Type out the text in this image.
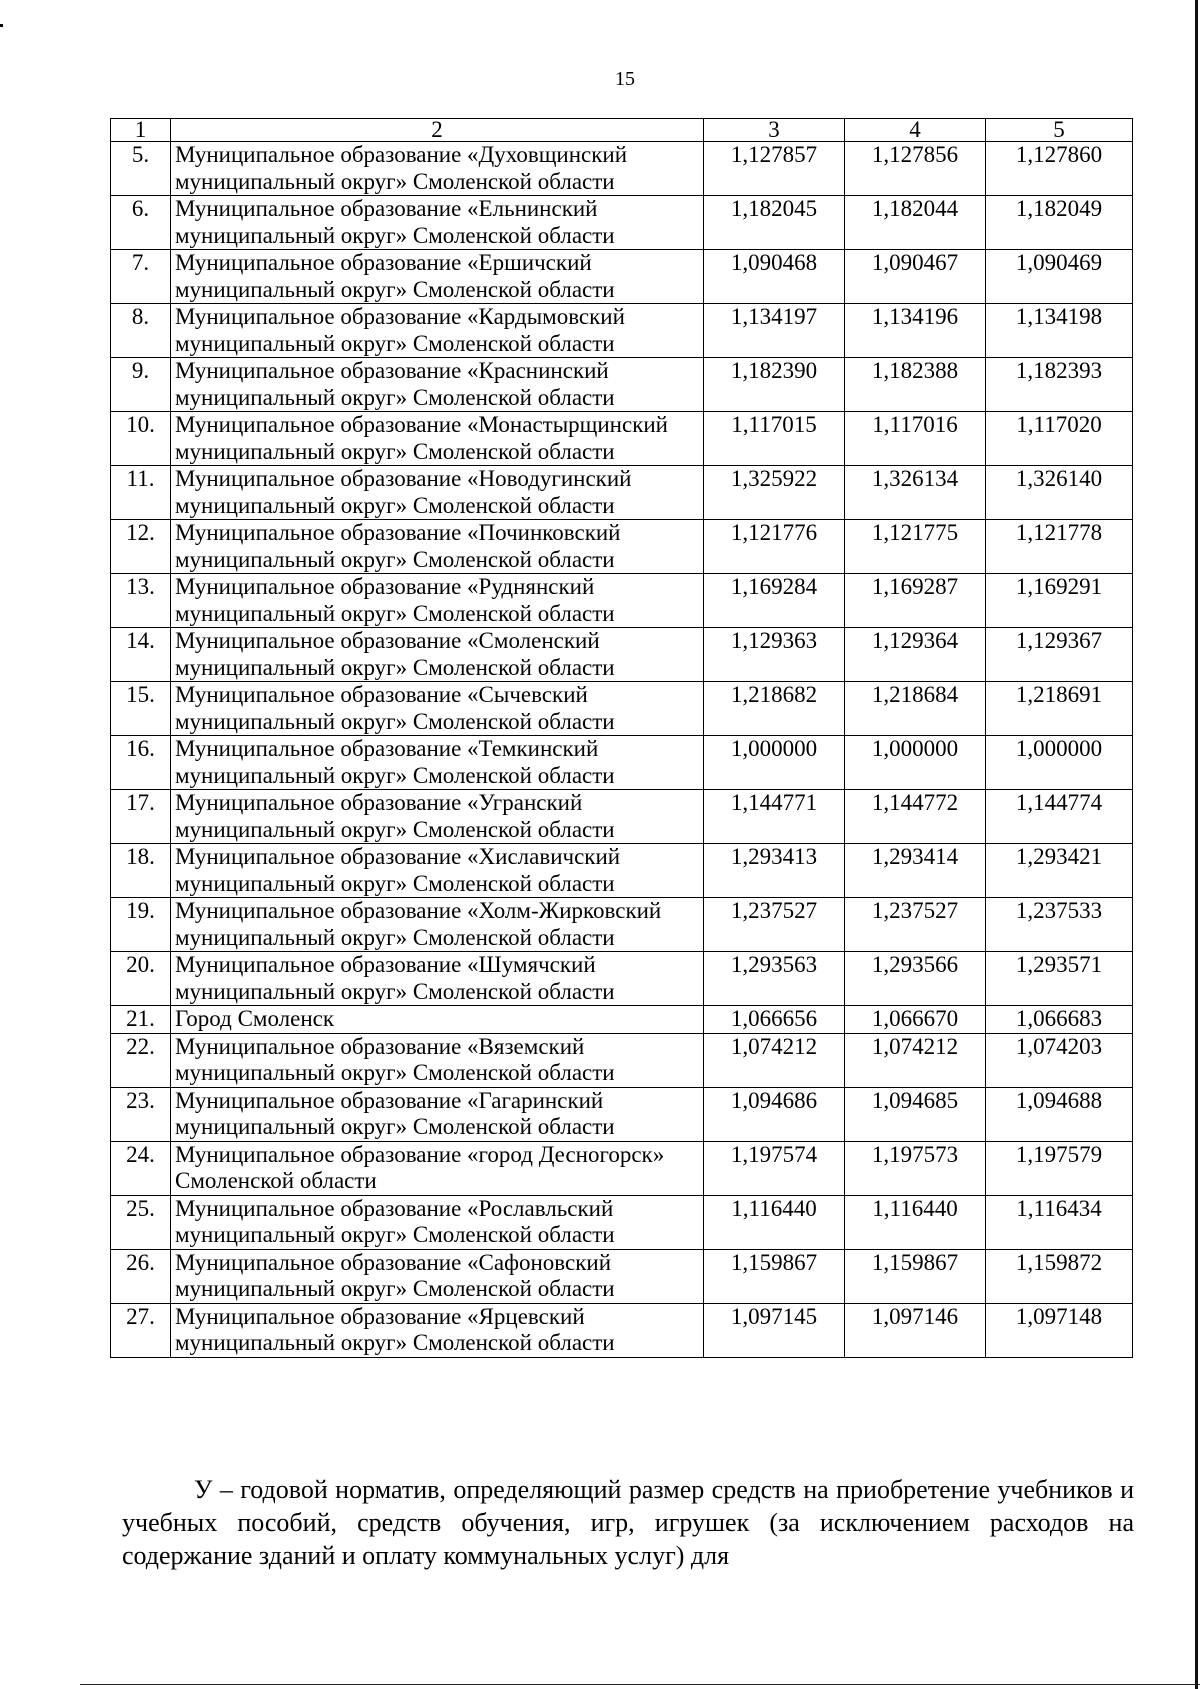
15
1	2	3	4	5
5.	Муниципальное образование «Духовщинский муниципальный округ» Смоленской области	1,127857	1,127856	1,127860
6.	Муниципальное образование «Ельнинский муниципальный округ» Смоленской области	1,182045	1,182044	1,182049
7.	Муниципальное образование «Ершичский муниципальный округ» Смоленской области	1,090468	1,090467	1,090469
8.	Муниципальное образование «Кардымовский муниципальный округ» Смоленской области	1,134197	1,134196	1,134198
9.	Муниципальное образование «Краснинский муниципальный округ» Смоленской области	1,182390	1,182388	1,182393
10.	Муниципальное образование «Монастырщинский муниципальный округ» Смоленской области	1,117015	1,117016	1,117020
11.	Муниципальное образование «Новодугинский муниципальный округ» Смоленской области	1,325922	1,326134	1,326140
12.	Муниципальное образование «Починковский муниципальный округ» Смоленской области	1,121776	1,121775	1,121778
13.	Муниципальное образование «Руднянский муниципальный округ» Смоленской области	1,169284	1,169287	1,169291
14.	Муниципальное образование «Смоленский муниципальный округ» Смоленской области	1,129363	1,129364	1,129367
15.	Муниципальное образование «Сычевский муниципальный округ» Смоленской области	1,218682	1,218684	1,218691
16.	Муниципальное образование «Темкинский муниципальный округ» Смоленской области	1,000000	1,000000	1,000000
17.	Муниципальное образование «Угранский муниципальный округ» Смоленской области	1,144771	1,144772	1,144774
18.	Муниципальное образование «Хиславичский муниципальный округ» Смоленской области	1,293413	1,293414	1,293421
19.	Муниципальное образование «Холм-Жирковский муниципальный округ» Смоленской области	1,237527	1,237527	1,237533
20.	Муниципальное образование «Шумячский муниципальный округ» Смоленской области	1,293563	1,293566	1,293571
21.	Город Смоленск	1,066656	1,066670	1,066683
22.	Муниципальное образование «Вяземский муниципальный округ» Смоленской области	1,074212	1,074212	1,074203
23.	Муниципальное образование «Гагаринский муниципальный округ» Смоленской области	1,094686	1,094685	1,094688
24.	Муниципальное образование «город Десногорск» Смоленской области	1,197574	1,197573	1,197579
25.	Муниципальное образование «Рославльский муниципальный округ» Смоленской области	1,116440	1,116440	1,116434
26.	Муниципальное образование «Сафоновский муниципальный округ» Смоленской области	1,159867	1,159867	1,159872
27.	Муниципальное образование «Ярцевский муниципальный округ» Смоленской области	1,097145	1,097146	1,097148
У – годовой норматив, определяющий размер средств на приобретение учебников и учебных пособий, средств обучения, игр, игрушек (за исключением расходов на содержание зданий и оплату коммунальных услуг) для
